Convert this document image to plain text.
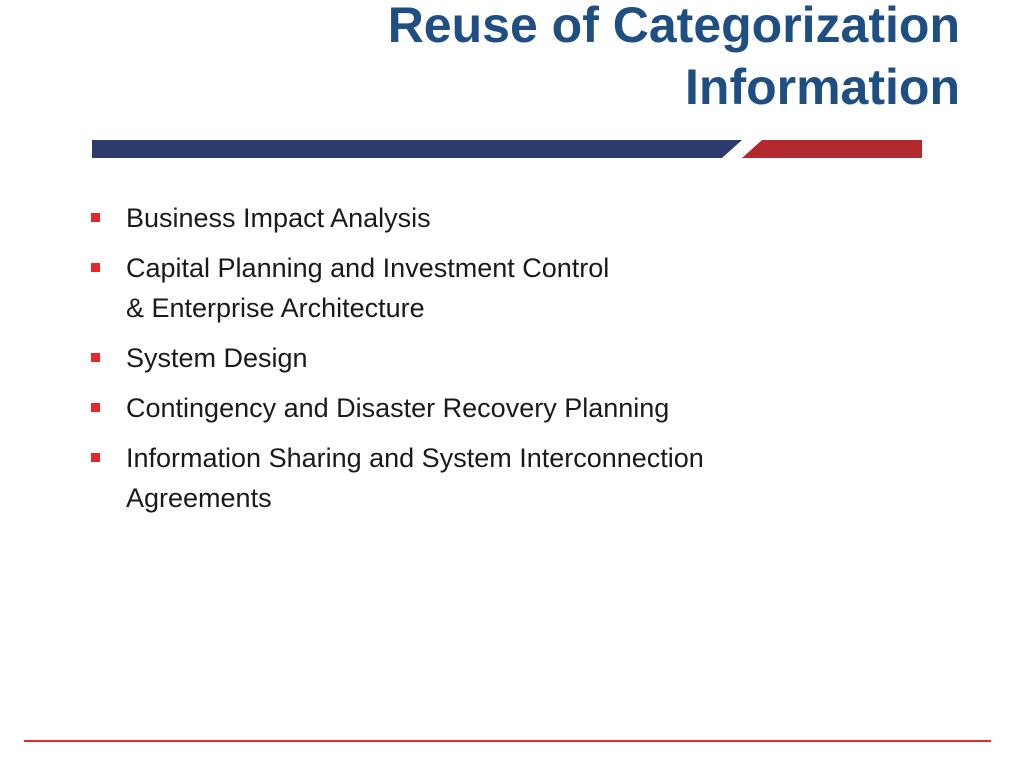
Reuse of Categorization
Information
Business Impact Analysis
Capital Planning and Investment Control
& Enterprise Architecture
System Design
Contingency and Disaster Recovery Planning
Information Sharing and System Interconnection
Agreements
